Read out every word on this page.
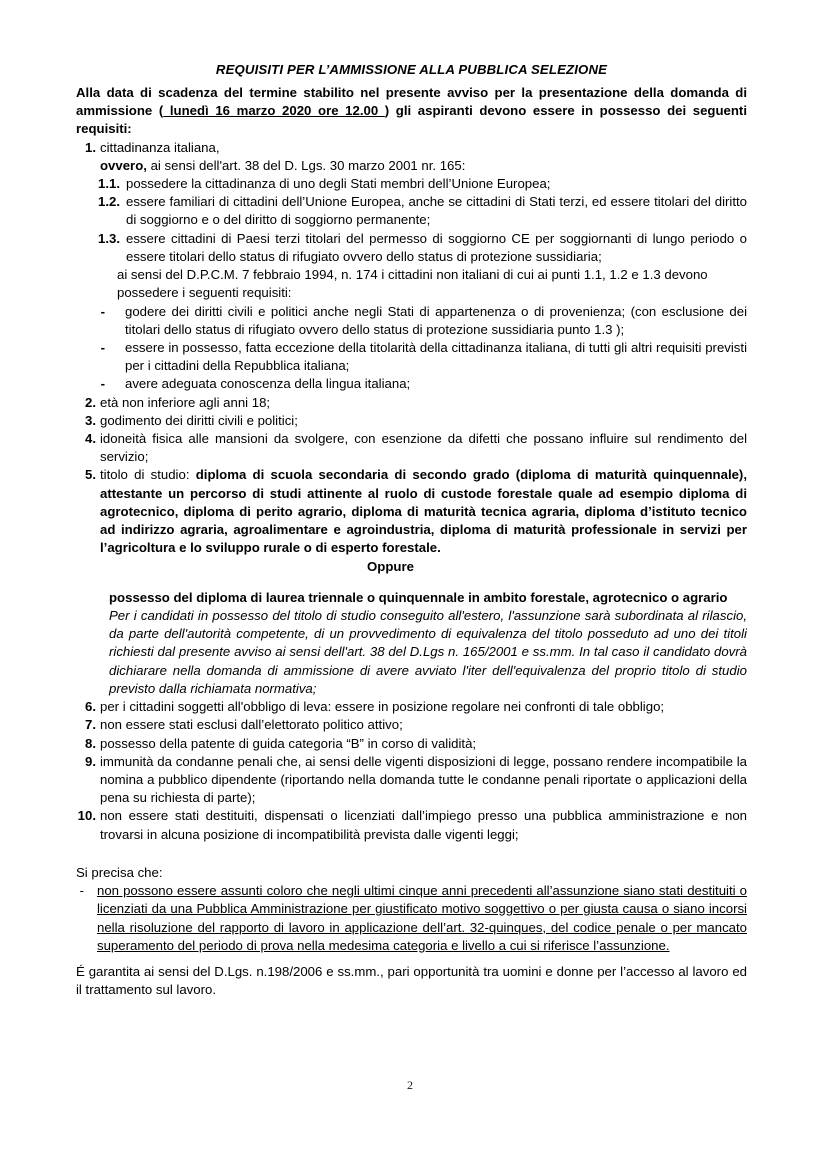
REQUISITI PER L’AMMISSIONE ALLA PUBBLICA SELEZIONE

Alla data di scadenza del termine stabilito nel presente avviso per la presentazione della domanda di ammissione ( lunedì 16 marzo 2020 ore 12.00 ) gli aspiranti devono essere in possesso dei seguenti requisiti:

1. cittadinanza italiana,
ovvero, ai sensi dell'art. 38 del D. Lgs. 30 marzo 2001 nr. 165:
1.1. possedere la cittadinanza di uno degli Stati membri dell’Unione Europea;
1.2. essere familiari di cittadini dell’Unione Europea, anche se cittadini di Stati terzi, ed essere titolari del diritto di soggiorno e o del diritto di soggiorno permanente;
1.3. essere cittadini di Paesi terzi titolari del permesso di soggiorno CE per soggiornanti di lungo periodo o essere titolari dello status di rifugiato ovvero dello status di protezione sussidiaria;
ai sensi del D.P.C.M. 7 febbraio 1994, n. 174 i cittadini non italiani di cui ai punti 1.1, 1.2 e 1.3 devono possedere i seguenti requisiti:
-	godere dei diritti civili e politici anche negli Stati di appartenenza o di provenienza; (con esclusione dei titolari dello status di rifugiato ovvero dello status di protezione sussidiaria punto 1.3 );
-	essere in possesso, fatta eccezione della titolarità della cittadinanza italiana, di tutti gli altri requisiti previsti per i cittadini della Repubblica italiana;
-	avere adeguata conoscenza della lingua italiana;
2. età non inferiore agli anni 18;
3. godimento dei diritti civili e politici;
4. idoneità fisica alle mansioni da svolgere, con esenzione da difetti che possano influire sul rendimento del servizio;
5. titolo di studio: diploma di scuola secondaria di secondo grado (diploma di maturità quinquennale), attestante un percorso di studi attinente al ruolo di custode forestale quale ad esempio diploma di agrotecnico, diploma di perito agrario, diploma di maturità tecnica agraria, diploma d’istituto tecnico ad indirizzo agraria, agroalimentare e agroindustria, diploma di maturità professionale in servizi per l’agricoltura e lo sviluppo rurale o di esperto forestale.
Oppure
possesso del diploma di laurea triennale o quinquennale in ambito forestale, agrotecnico o agrario
Per i candidati in possesso del titolo di studio conseguito all'estero, l'assunzione sarà subordinata al rilascio, da parte dell'autorità competente, di un provvedimento di equivalenza del titolo posseduto ad uno dei titoli richiesti dal presente avviso ai sensi dell'art. 38 del D.Lgs n. 165/2001 e ss.mm. In tal caso il candidato dovrà dichiarare nella domanda di ammissione di avere avviato l'iter dell'equivalenza del proprio titolo di studio previsto dalla richiamata normativa;
6. per i cittadini soggetti all'obbligo di leva: essere in posizione regolare nei confronti di tale obbligo;
7. non essere stati esclusi dall’elettorato politico attivo;
8. possesso della patente di guida categoria “B” in corso di validità;
9. immunità da condanne penali che, ai sensi delle vigenti disposizioni di legge, possano rendere incompatibile la nomina a pubblico dipendente (riportando nella domanda tutte le condanne penali riportate o applicazioni della pena su richiesta di parte);
10. non essere stati destituiti, dispensati o licenziati dall’impiego presso una pubblica amministrazione e non trovarsi in alcuna posizione di incompatibilità prevista dalle vigenti leggi;
Si precisa che:
- non possono essere assunti coloro che negli ultimi cinque anni precedenti all’assunzione siano stati destituiti o licenziati da una Pubblica Amministrazione per giustificato motivo soggettivo o per giusta causa o siano incorsi nella risoluzione del rapporto di lavoro in applicazione dell’art. 32-quinques, del codice penale o per mancato superamento del periodo di prova nella medesima categoria e livello a cui si riferisce l’assunzione.

É garantita ai sensi del D.Lgs. n.198/2006 e ss.mm., pari opportunità tra uomini e donne per l’accesso al lavoro ed il trattamento sul lavoro.

2
